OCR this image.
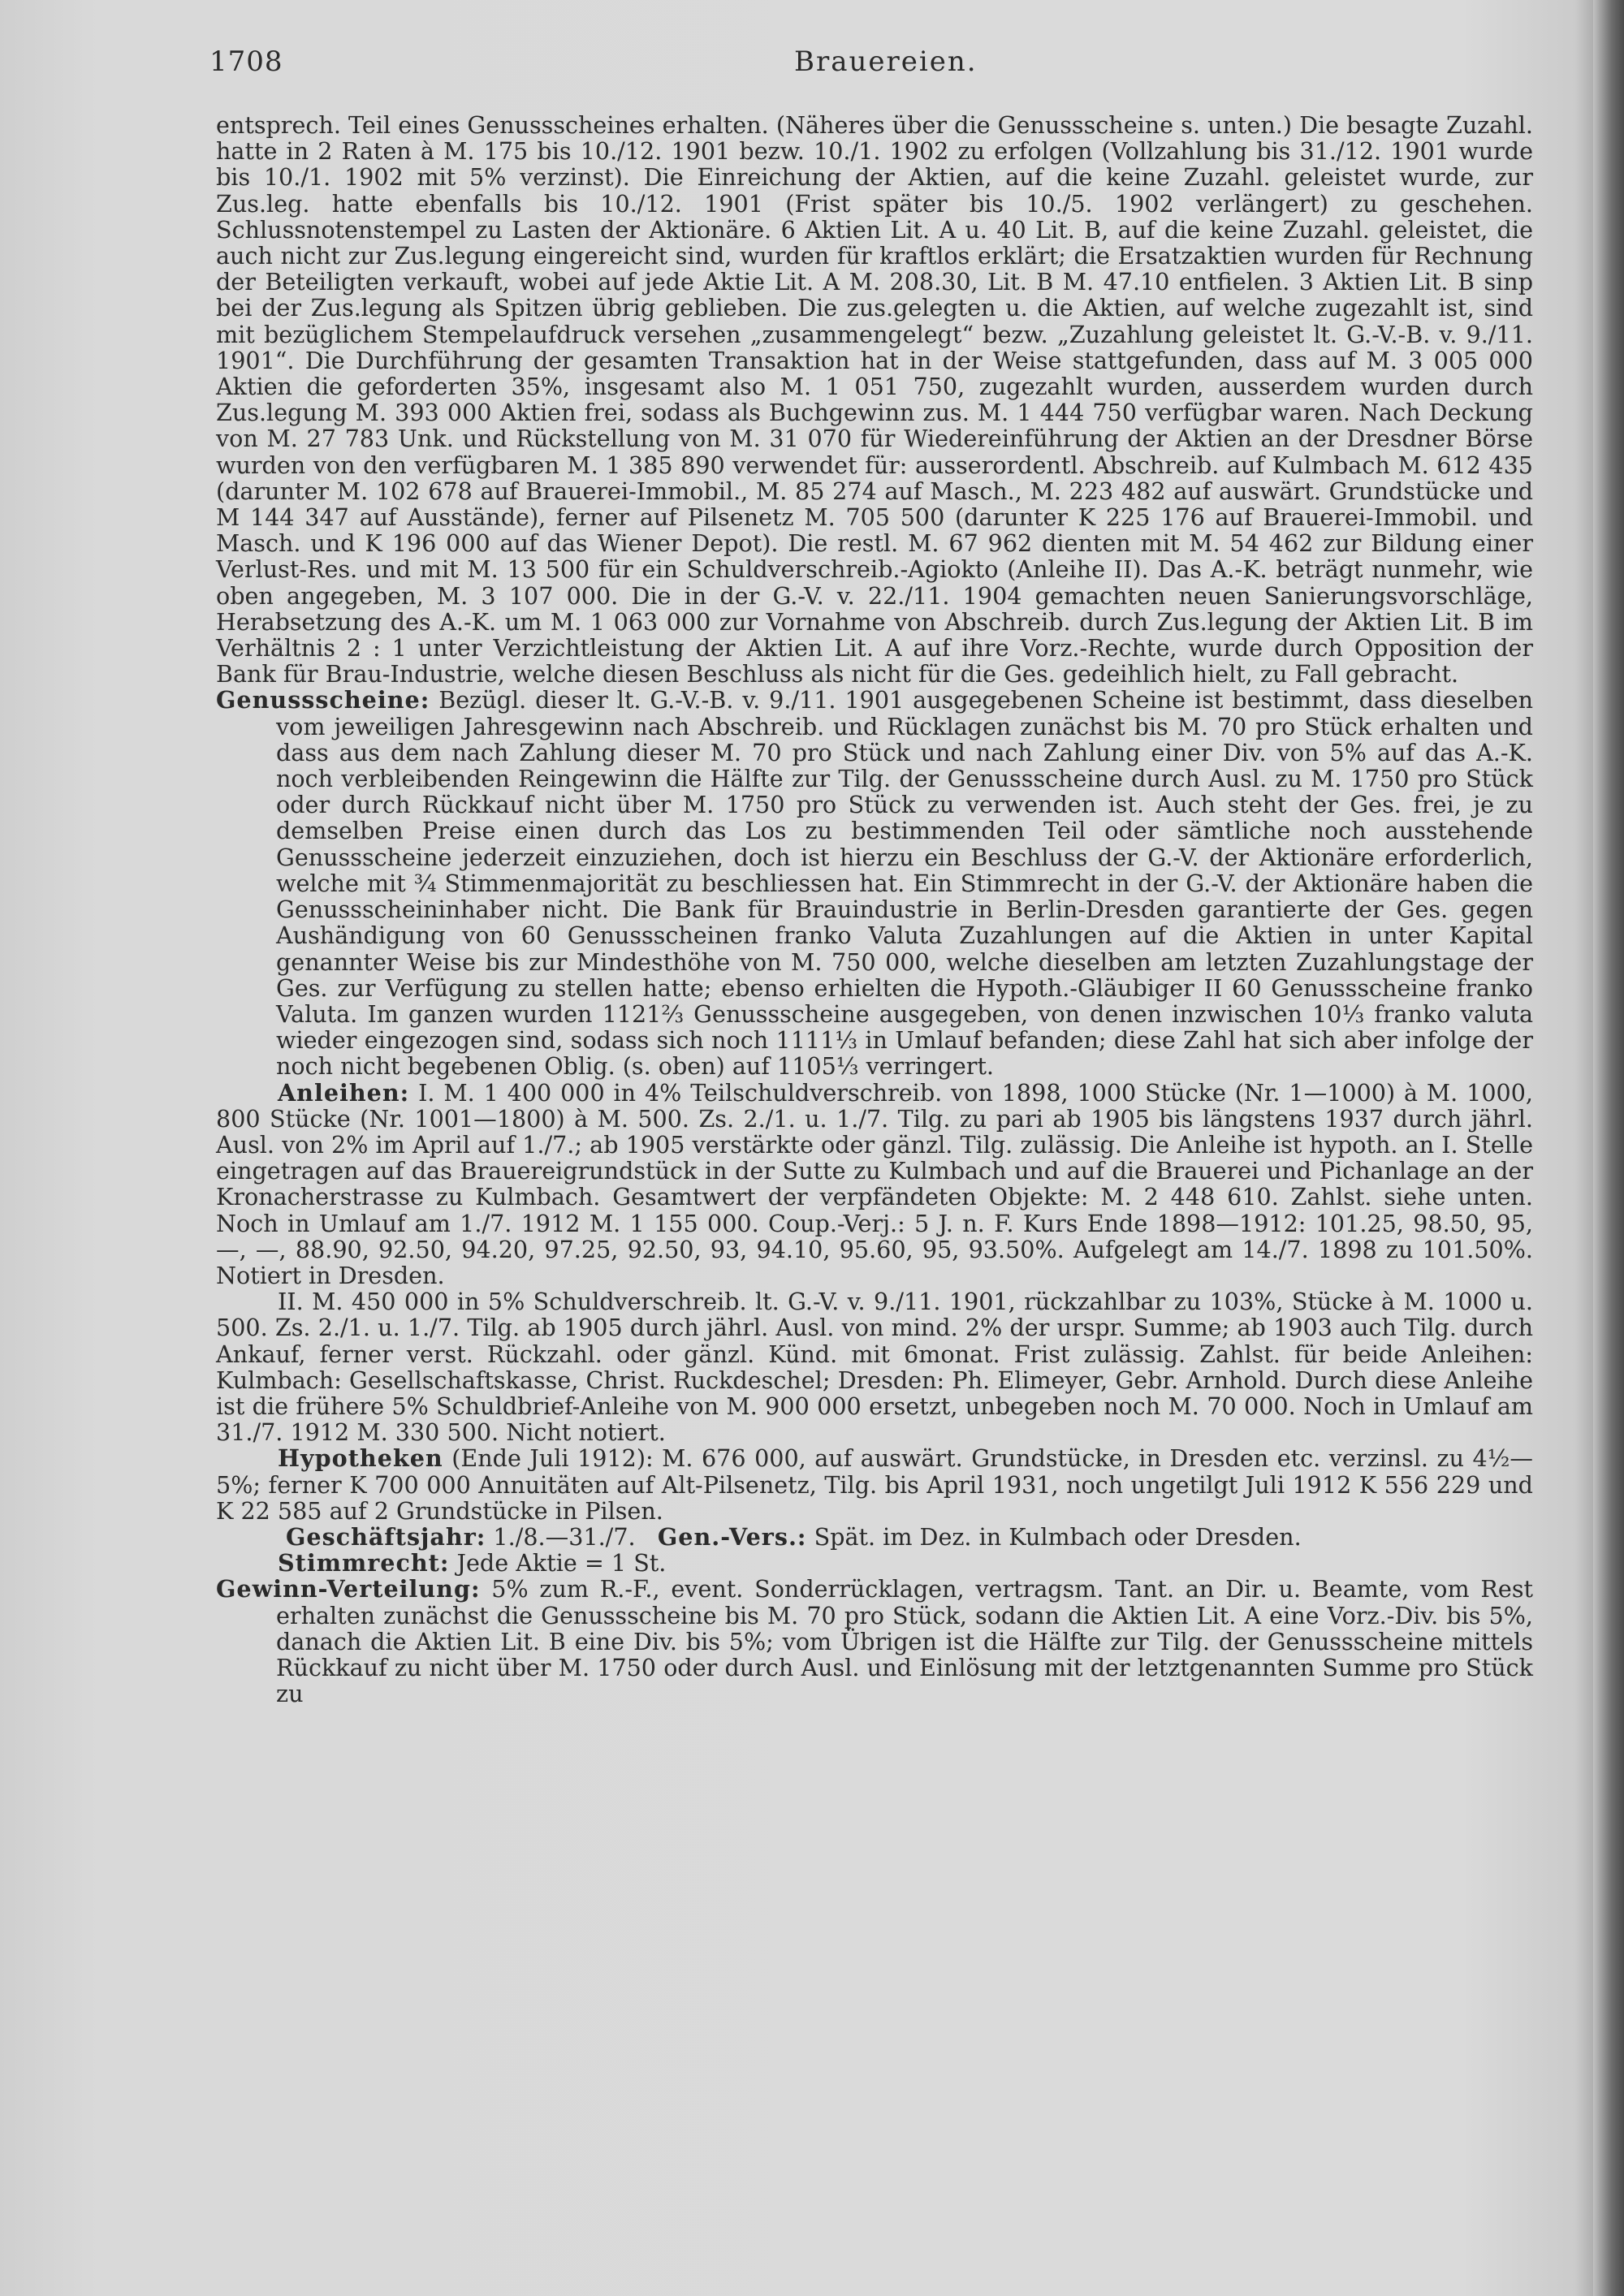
1708	Brauereien.

entsprech. Teil eines Genussscheines erhalten. (Näheres über die Genussscheine s. unten.) Die besagte Zuzahl. hatte in 2 Raten à M. 175 bis 10./12. 1901 bezw. 10./1. 1902 zu erfolgen (Vollzahlung bis 31./12. 1901 wurde bis 10./1. 1902 mit 5% verzinst). Die Einreichung der Aktien, auf die keine Zuzahl. geleistet wurde, zur Zus.leg. hatte ebenfalls bis 10./12. 1901 (Frist später bis 10./5. 1902 verlängert) zu geschehen. Schlussnotenstempel zu Lasten der Aktionäre. 6 Aktien Lit. A u. 40 Lit. B, auf die keine Zuzahl. geleistet, die auch nicht zur Zus.legung eingereicht sind, wurden für kraftlos erklärt; die Ersatzaktien wurden für Rechnung der Beteiligten verkauft, wobei auf jede Aktie Lit. A M. 208.30, Lit. B M. 47.10 entfielen. 3 Aktien Lit. B sinp bei der Zus.legung als Spitzen übrig geblieben. Die zus.gelegten u. die Aktien, auf welche zugezahlt ist, sind mit bezüglichem Stempelaufdruck versehen „zusammengelegt“ bezw. „Zuzahlung geleistet lt. G.-V.-B. v. 9./11. 1901“. Die Durchführung der gesamten Transaktion hat in der Weise stattgefunden, dass auf M. 3 005 000 Aktien die geforderten 35%, insgesamt also M. 1 051 750, zugezahlt wurden, ausserdem wurden durch Zus.legung M. 393 000 Aktien frei, sodass als Buchgewinn zus. M. 1 444 750 verfügbar waren. Nach Deckung von M. 27 783 Unk. und Rückstellung von M. 31 070 für Wiedereinführung der Aktien an der Dresdner Börse wurden von den verfügbaren M. 1 385 890 verwendet für: ausserordentl. Abschreib. auf Kulmbach M. 612 435 (darunter M. 102 678 auf Brauerei-Immobil., M. 85 274 auf Masch., M. 223 482 auf auswärt. Grundstücke und M 144 347 auf Ausstände), ferner auf Pilsenetz M. 705 500 (darunter K 225 176 auf Brauerei-Immobil. und Masch. und K 196 000 auf das Wiener Depot). Die restl. M. 67 962 dienten mit M. 54 462 zur Bildung einer Verlust-Res. und mit M. 13 500 für ein Schuldverschreib.-Agiokto (Anleihe II). Das A.-K. beträgt nunmehr, wie oben angegeben, M. 3 107 000. Die in der G.-V. v. 22./11. 1904 gemachten neuen Sanierungsvorschläge, Herabsetzung des A.-K. um M. 1 063 000 zur Vornahme von Abschreib. durch Zus.legung der Aktien Lit. B im Verhältnis 2 : 1 unter Verzichtleistung der Aktien Lit. A auf ihre Vorz.-Rechte, wurde durch Opposition der Bank für Brau-Industrie, welche diesen Beschluss als nicht für die Ges. gedeihlich hielt, zu Fall gebracht.

Genussscheine: Bezügl. dieser lt. G.-V.-B. v. 9./11. 1901 ausgegebenen Scheine ist bestimmt, dass dieselben vom jeweiligen Jahresgewinn nach Abschreib. und Rücklagen zunächst bis M. 70 pro Stück erhalten und dass aus dem nach Zahlung dieser M. 70 pro Stück und nach Zahlung einer Div. von 5% auf das A.-K. noch verbleibenden Reingewinn die Hälfte zur Tilg. der Genussscheine durch Ausl. zu M. 1750 pro Stück oder durch Rückkauf nicht über M. 1750 pro Stück zu verwenden ist. Auch steht der Ges. frei, je zu demselben Preise einen durch das Los zu bestimmenden Teil oder sämtliche noch ausstehende Genussscheine jederzeit einzuziehen, doch ist hierzu ein Beschluss der G.-V. der Aktionäre erforderlich, welche mit ¾ Stimmenmajorität zu beschliessen hat. Ein Stimmrecht in der G.-V. der Aktionäre haben die Genussscheininhaber nicht. Die Bank für Brauindustrie in Berlin-Dresden garantierte der Ges. gegen Aushändigung von 60 Genussscheinen franko Valuta Zuzahlungen auf die Aktien in unter Kapital genannter Weise bis zur Mindesthöhe von M. 750 000, welche dieselben am letzten Zuzahlungstage der Ges. zur Verfügung zu stellen hatte; ebenso erhielten die Hypoth.-Gläubiger II 60 Genussscheine franko Valuta. Im ganzen wurden 1121⅔ Genussscheine ausgegeben, von denen inzwischen 10⅓ franko valuta wieder eingezogen sind, sodass sich noch 1111⅓ in Umlauf befanden; diese Zahl hat sich aber infolge der noch nicht begebenen Oblig. (s. oben) auf 1105⅓ verringert.

Anleihen: I. M. 1 400 000 in 4% Teilschuldverschreib. von 1898, 1000 Stücke (Nr. 1—1000) à M. 1000, 800 Stücke (Nr. 1001—1800) à M. 500. Zs. 2./1. u. 1./7. Tilg. zu pari ab 1905 bis längstens 1937 durch jährl. Ausl. von 2% im April auf 1./7.; ab 1905 verstärkte oder gänzl. Tilg. zulässig. Die Anleihe ist hypoth. an I. Stelle eingetragen auf das Brauereigrundstück in der Sutte zu Kulmbach und auf die Brauerei und Pichanlage an der Kronacherstrasse zu Kulmbach. Gesamtwert der verpfändeten Objekte: M. 2 448 610. Zahlst. siehe unten. Noch in Umlauf am 1./7. 1912 M. 1 155 000. Coup.-Verj.: 5 J. n. F. Kurs Ende 1898—1912: 101.25, 98.50, 95, —, —, 88.90, 92.50, 94.20, 97.25, 92.50, 93, 94.10, 95.60, 95, 93.50%. Aufgelegt am 14./7. 1898 zu 101.50%. Notiert in Dresden.

II. M. 450 000 in 5% Schuldverschreib. lt. G.-V. v. 9./11. 1901, rückzahlbar zu 103%, Stücke à M. 1000 u. 500. Zs. 2./1. u. 1./7. Tilg. ab 1905 durch jährl. Ausl. von mind. 2% der urspr. Summe; ab 1903 auch Tilg. durch Ankauf, ferner verst. Rückzahl. oder gänzl. Künd. mit 6monat. Frist zulässig. Zahlst. für beide Anleihen: Kulmbach: Gesellschaftskasse, Christ. Ruckdeschel; Dresden: Ph. Elimeyer, Gebr. Arnhold. Durch diese Anleihe ist die frühere 5% Schuldbrief-Anleihe von M. 900 000 ersetzt, unbegeben noch M. 70 000. Noch in Umlauf am 31./7. 1912 M. 330 500. Nicht notiert.

Hypotheken (Ende Juli 1912): M. 676 000, auf auswärt. Grundstücke, in Dresden etc. verzinsl. zu 4½—5%; ferner K 700 000 Annuitäten auf Alt-Pilsenetz, Tilg. bis April 1931, noch ungetilgt Juli 1912 K 556 229 und K 22 585 auf 2 Grundstücke in Pilsen.

Geschäftsjahr: 1./8.—31./7. Gen.-Vers.: Spät. im Dez. in Kulmbach oder Dresden.

Stimmrecht: Jede Aktie = 1 St.

Gewinn-Verteilung: 5% zum R.-F., event. Sonderrücklagen, vertragsm. Tant. an Dir. u. Beamte, vom Rest erhalten zunächst die Genussscheine bis M. 70 pro Stück, sodann die Aktien Lit. A eine Vorz.-Div. bis 5%, danach die Aktien Lit. B eine Div. bis 5%; vom Übrigen ist die Hälfte zur Tilg. der Genussscheine mittels Rückkauf zu nicht über M. 1750 oder durch Ausl. und Einlösung mit der letztgenannten Summe pro Stück zu
